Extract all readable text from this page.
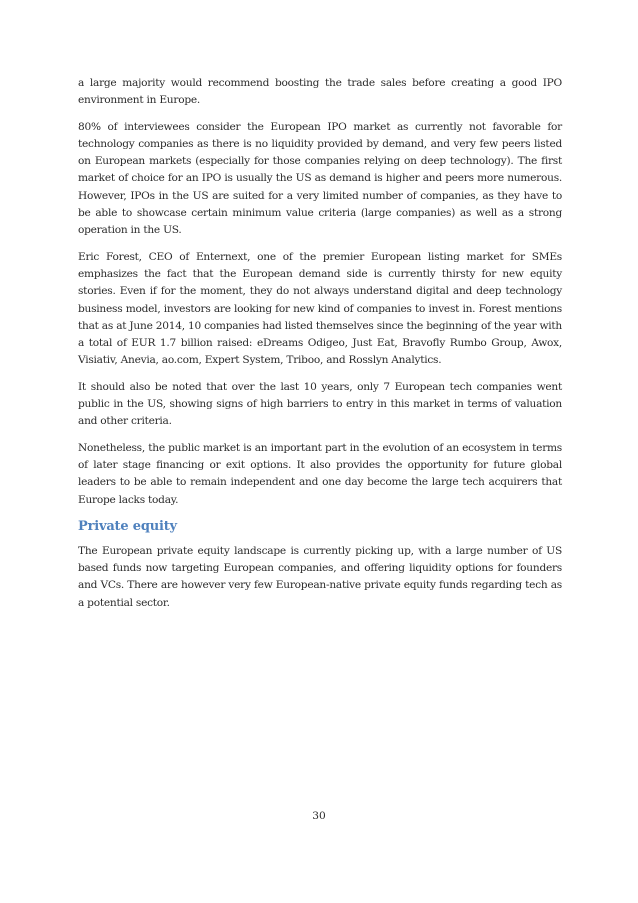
a large majority would recommend boosting the trade sales before creating a good IPO environment in Europe.

80% of interviewees consider the European IPO market as currently not favorable for technology companies as there is no liquidity provided by demand, and very few peers listed on European markets (especially for those companies relying on deep technology). The first market of choice for an IPO is usually the US as demand is higher and peers more numerous. However, IPOs in the US are suited for a very limited number of companies, as they have to be able to showcase certain minimum value criteria (large companies) as well as a strong operation in the US.

Eric Forest, CEO of Enternext, one of the premier European listing market for SMEs emphasizes the fact that the European demand side is currently thirsty for new equity stories. Even if for the moment, they do not always understand digital and deep technology business model, investors are looking for new kind of companies to invest in. Forest mentions that as at June 2014, 10 companies had listed themselves since the beginning of the year with a total of EUR 1.7 billion raised: eDreams Odigeo, Just Eat, Bravofly Rumbo Group, Awox, Visiativ, Anevia, ao.com, Expert System, Triboo, and Rosslyn Analytics.

It should also be noted that over the last 10 years, only 7 European tech companies went public in the US, showing signs of high barriers to entry in this market in terms of valuation and other criteria.

Nonetheless, the public market is an important part in the evolution of an ecosystem in terms of later stage financing or exit options. It also provides the opportunity for future global leaders to be able to remain independent and one day become the large tech acquirers that Europe lacks today.

Private equity

The European private equity landscape is currently picking up, with a large number of US based funds now targeting European companies, and offering liquidity options for founders and VCs. There are however very few European-native private equity funds regarding tech as a potential sector.

30
